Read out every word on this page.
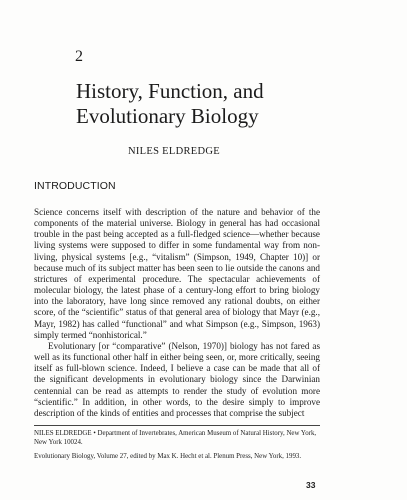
2
History, Function, and Evolutionary Biology
NILES ELDREDGE
INTRODUCTION

Science concerns itself with description of the nature and behavior of the components of the material universe. Biology in general has had occasional trouble in the past being accepted as a full-fledged science—whether because living systems were supposed to differ in some fundamental way from non-living, physical systems [e.g., “vitalism” (Simpson, 1949, Chapter 10)] or because much of its subject matter has been seen to lie outside the canons and strictures of experimental procedure. The spectacular achievements of molecular biology, the latest phase of a century-long effort to bring biology into the laboratory, have long since removed any rational doubts, on either score, of the “scientific” status of that general area of biology that Mayr (e.g., Mayr, 1982) has called “functional” and what Simpson (e.g., Simpson, 1963) simply termed “nonhistorical.”

Evolutionary [or “comparative” (Nelson, 1970)] biology has not fared as well as its functional other half in either being seen, or, more critically, seeing itself as full-blown science. Indeed, I believe a case can be made that all of the significant developments in evolutionary biology since the Darwinian centennial can be read as attempts to render the study of evolution more “scientific.” In addition, in other words, to the desire simply to improve description of the kinds of entities and processes that comprise the subject

NILES ELDREDGE • Department of Invertebrates, American Museum of Natural History, New York, New York 10024.

Evolutionary Biology, Volume 27, edited by Max K. Hecht et al. Plenum Press, New York, 1993.

33
